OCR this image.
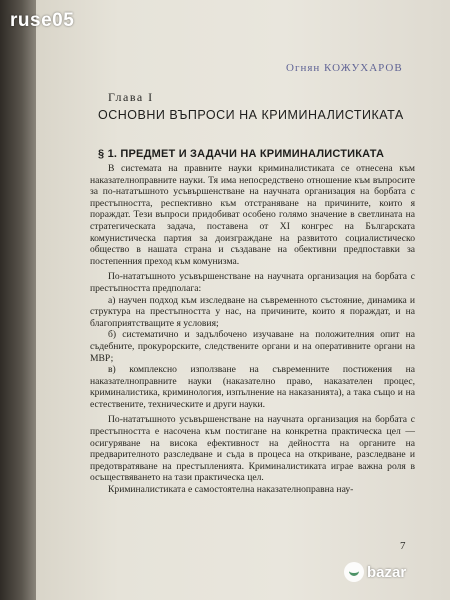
Огнян КОЖУХАРОВ
Глава I
ОСНОВНИ ВЪПРОСИ НА КРИМИНАЛИСТИКАТА
§ 1. ПРЕДМЕТ И ЗАДАЧИ НА КРИМИНАЛИСТИКАТА

В системата на правните науки криминалистиката се отнесена към наказателноправните науки. Тя има непосредствено отношение към въпросите за по-нататъшното усъвършенстване на научната организация на борбата с престъпността, респективно към отстраняване на причините, които я пораждат. Тези въпроси придобиват особено голямо значение в светлината на стратегическата задача, поставена от XI конгрес на Българската комунистическа партия за доизграждане на развитото социалистическо общество в нашата страна и създаване на обективни предпоставки за постепенния преход към комунизма.

По-нататъшното усъвършенстване на научната организация на борбата с престъпността предполага:

а) научен подход към изследване на съвременното състояние, динамика и структура на престъпността у нас, на причините, които я пораждат, и на благоприятстващите я условия;

б) систематично и задълбочено изучаване на положителния опит на съдебните, прокурорските, следствените органи и на оперативните органи на МВР;

в) комплексно използване на съвременните постижения на наказателноправните науки (наказателно право, наказателен процес, криминалистика, криминология, изпълнение на наказанията), а така също и на естествените, техническите и други науки.

По-нататъшното усъвършенстване на научната организация на борбата с престъпността е насочена към постигане на конкретна практическа цел — осигуряване на висока ефективност на дейността на органите на предварителното разследване и съда в процеса на откриване, разследване и предотвратяване на престъпленията. Криминалистиката играе важна роля в осъществяването на тази практическа цел.

Криминалистиката е самостоятелна наказателноправна нау-

7
ruse05
bazar
